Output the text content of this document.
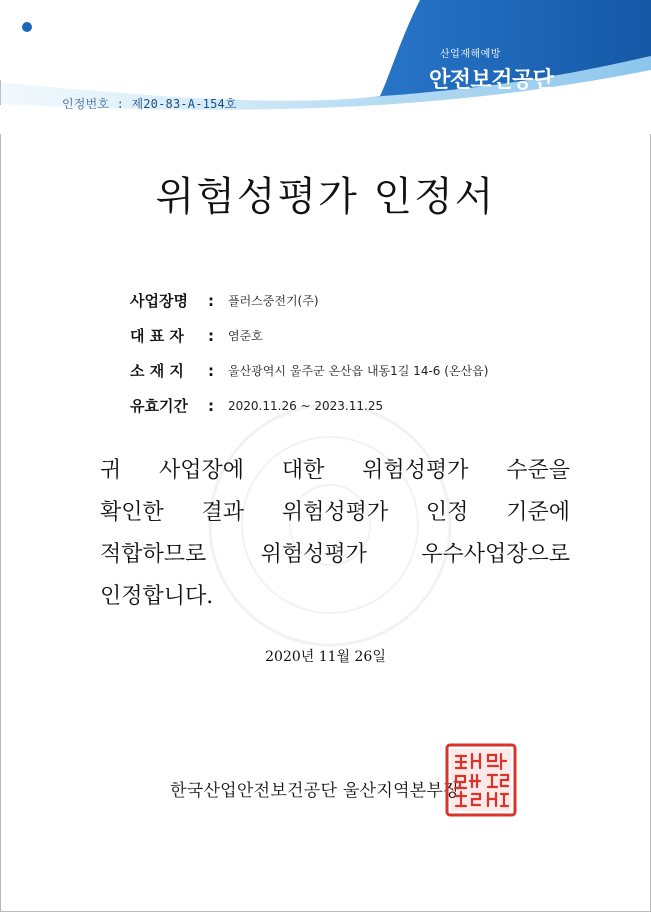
인정번호 : 제20-83-A-154호
산업재해예방
안전보건공단
위험성평가 인정서
사업장명	:	플러스중전기(주)
대 표 자	:	염준호
소 재 지	:	울산광역시 울주군 온산읍 내동1길 14-6 (온산읍)
유효기간	:	2020.11.26 ~ 2023.11.25
귀 사업장에 대한 위험성평가 수준을
확인한 결과 위험성평가 인정 기준에
적합하므로 위험성평가 우수사업장으로
인정합니다.
2020년 11월 26일
한국산업안전보건공단 울산지역본부장
